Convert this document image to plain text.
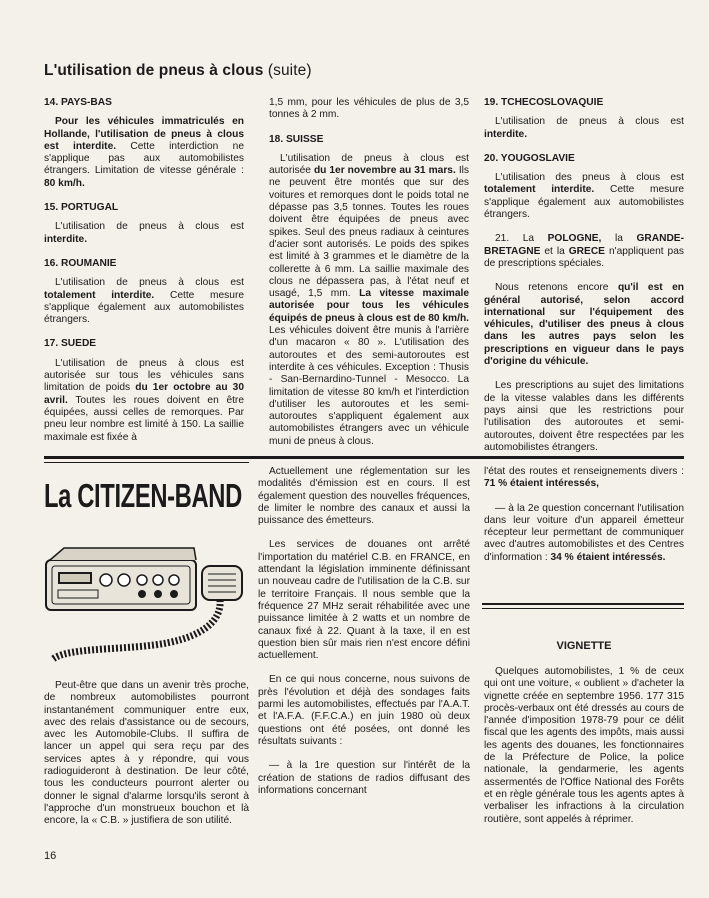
L'utilisation de pneus à clous (suite)
14. PAYS-BAS
Pour les véhicules immatriculés en Hollande, l'utilisation de pneus à clous est interdite. Cette interdiction ne s'applique pas aux automobilistes étrangers. Limitation de vitesse générale : 80 km/h.
15. PORTUGAL
L'utilisation de pneus à clous est interdite.
16. ROUMANIE
L'utilisation de pneus à clous est totalement interdite. Cette mesure s'applique également aux automobilistes étrangers.
17. SUEDE
L'utilisation de pneus à clous est autorisée sur tous les véhicules sans limitation de poids du 1er octobre au 30 avril. Toutes les roues doivent en être équipées, aussi celles de remorques. Par pneu leur nombre est limité à 150. La saillie maximale est fixée à
1,5 mm, pour les véhicules de plus de 3,5 tonnes à 2 mm.
18. SUISSE
L'utilisation de pneus à clous est autorisée du 1er novembre au 31 mars. Ils ne peuvent être montés que sur des voitures et remorques dont le poids total ne dépasse pas 3,5 tonnes. Toutes les roues doivent être équipées de pneus avec spikes. Seul des pneus radiaux à ceintures d'acier sont autorisés. Le poids des spikes est limité à 3 grammes et le diamètre de la collerette à 6 mm. La saillie maximale des clous ne dépassera pas, à l'état neuf et usagé, 1,5 mm. La vitesse maximale autorisée pour tous les véhicules équipés de pneus à clous est de 80 km/h. Les véhicules doivent être munis à l'arrière d'un macaron « 80 ». L'utilisation des autoroutes et des semi-autoroutes est interdite à ces véhicules. Exception : Thusis - San-Bernardino-Tunnel - Mesocco. La limitation de vitesse 80 km/h et l'interdiction d'utiliser les autoroutes et les semi-autoroutes s'appliquent également aux automobilistes étrangers avec un véhicule muni de pneus à clous.
19. TCHECOSLOVAQUIE
L'utilisation de pneus à clous est interdite.
20. YOUGOSLAVIE
L'utilisation des pneus à clous est totalement interdite. Cette mesure s'applique également aux automobilistes étrangers.
21. La POLOGNE, la GRANDE-BRETAGNE et la GRECE n'appliquent pas de prescriptions spéciales.
Nous retenons encore qu'il est en général autorisé, selon accord international sur l'équipement des véhicules, d'utiliser des pneus à clous dans les autres pays selon les prescriptions en vigueur dans le pays d'origine du véhicule.
Les prescriptions au sujet des limitations de la vitesse valables dans les différents pays ainsi que les restrictions pour l'utilisation des autoroutes et semi-autoroutes, doivent être respectées par les automobilistes étrangers.
La CITIZEN-BAND
Peut-être que dans un avenir très proche, de nombreux automobilistes pourront instantanément communiquer entre eux, avec des relais d'assistance ou de secours, avec les Automobile-Clubs. Il suffira de lancer un appel qui sera reçu par des services aptes à y répondre, qui vous radioguideront à destination. De leur côté, tous les conducteurs pourront alerter ou donner le signal d'alarme lorsqu'ils seront à l'approche d'un monstrueux bouchon et là encore, la « C.B. » justifiera de son utilité.
Actuellement une réglementation sur les modalités d'émission est en cours. Il est également question des nouvelles fréquences, de limiter le nombre des canaux et aussi la puissance des émetteurs.
Les services de douanes ont arrêté l'importation du matériel C.B. en FRANCE, en attendant la législation imminente définissant un nouveau cadre de l'utilisation de la C.B. sur le territoire Français. Il nous semble que la fréquence 27 MHz serait réhabilitée avec une puissance limitée à 2 watts et un nombre de canaux fixé à 22. Quant à la taxe, il en est question bien sûr mais rien n'est encore défini actuellement.
En ce qui nous concerne, nous suivons de près l'évolution et déjà des sondages faits parmi les automobilistes, effectués par l'A.A.T. et l'A.F.A. (F.F.C.A.) en juin 1980 où deux questions ont été posées, ont donné les résultats suivants :
— à la 1re question sur l'intérêt de la création de stations de radios diffusant des informations concernant
l'état des routes et renseignements divers : 71 % étaient intéressés,
— à la 2e question concernant l'utilisation dans leur voiture d'un appareil émetteur récepteur leur permettant de communiquer avec d'autres automobilistes et des Centres d'information : 34 % étaient intéressés.
VIGNETTE
Quelques automobilistes, 1 % de ceux qui ont une voiture, « oublient » d'acheter la vignette créée en septembre 1956. 177 315 procès-verbaux ont été dressés au cours de l'année d'imposition 1978-79 pour ce délit fiscal que les agents des impôts, mais aussi les agents des douanes, les fonctionnaires de la Préfecture de Police, la police nationale, la gendarmerie, les agents assermentés de l'Office National des Forêts et en règle générale tous les agents aptes à verbaliser les infractions à la circulation routière, sont appelés à réprimer.
16
